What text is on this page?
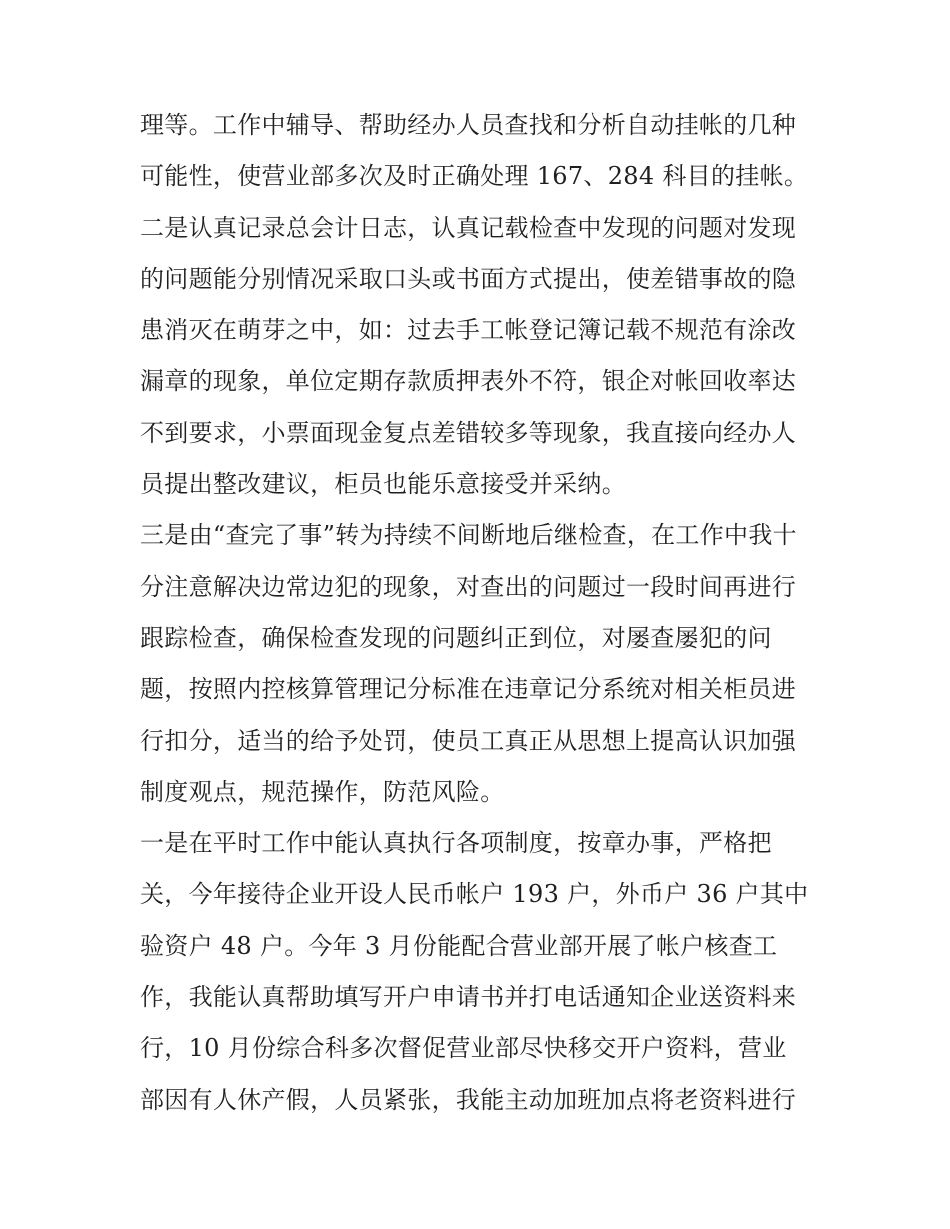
理等。工作中辅导、帮助经办人员查找和分析自动挂帐的几种
可能性，使营业部多次及时正确处理 167、284 科目的挂帐。
二是认真记录总会计日志，认真记载检查中发现的问题对发现
的问题能分别情况采取口头或书面方式提出，使差错事故的隐
患消灭在萌芽之中，如：过去手工帐登记簿记载不规范有涂改
漏章的现象，单位定期存款质押表外不符，银企对帐回收率达
不到要求，小票面现金复点差错较多等现象，我直接向经办人
员提出整改建议，柜员也能乐意接受并采纳。
三是由“查完了事”转为持续不间断地后继检查，在工作中我十
分注意解决边常边犯的现象，对查出的问题过一段时间再进行
跟踪检查，确保检查发现的问题纠正到位，对屡查屡犯的问
题，按照内控核算管理记分标准在违章记分系统对相关柜员进
行扣分，适当的给予处罚，使员工真正从思想上提高认识加强
制度观点，规范操作，防范风险。
一是在平时工作中能认真执行各项制度，按章办事，严格把
关，今年接待企业开设人民币帐户 193 户，外币户 36 户其中
验资户 48 户。今年 3 月份能配合营业部开展了帐户核查工
作，我能认真帮助填写开户申请书并打电话通知企业送资料来
行，10 月份综合科多次督促营业部尽快移交开户资料，营业
部因有人休产假，人员紧张，我能主动加班加点将老资料进行
